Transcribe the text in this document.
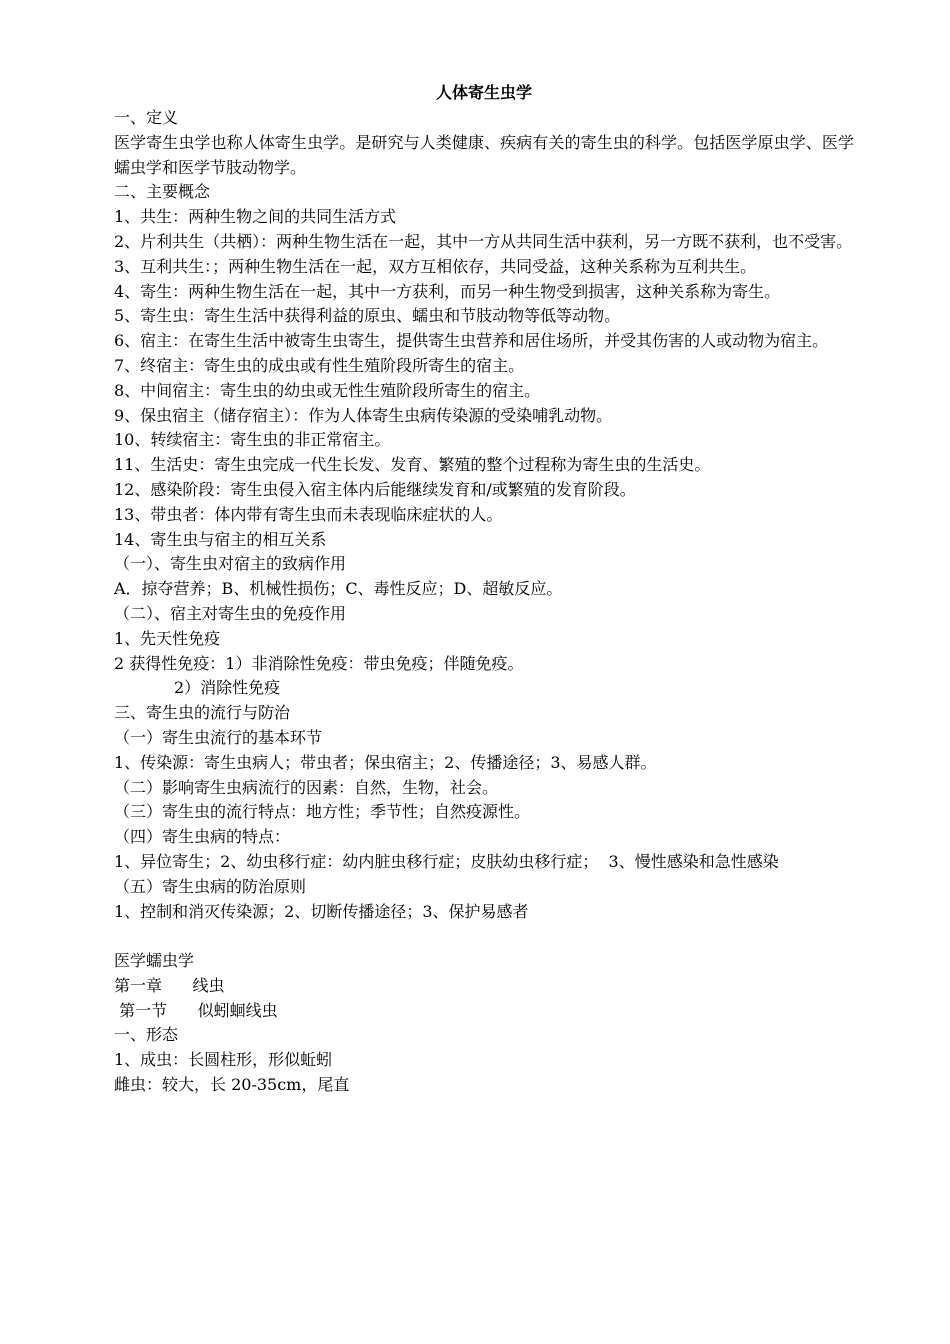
人体寄生虫学

一、定义

医学寄生虫学也称人体寄生虫学。是研究与人类健康、疾病有关的寄生虫的科学。包括医学原虫学、医学蠕虫学和医学节肢动物学。

二、主要概念

1、共生：两种生物之间的共同生活方式

2、片利共生（共栖）：两种生物生活在一起，其中一方从共同生活中获利，另一方既不获利，也不受害。

3、互利共生：；两种生物生活在一起，双方互相依存，共同受益，这种关系称为互利共生。

4、寄生：两种生物生活在一起，其中一方获利，而另一种生物受到损害，这种关系称为寄生。

5、寄生虫：寄生生活中获得利益的原虫、蠕虫和节肢动物等低等动物。

6、宿主：在寄生生活中被寄生虫寄生，提供寄生虫营养和居住场所，并受其伤害的人或动物为宿主。

7、终宿主：寄生虫的成虫或有性生殖阶段所寄生的宿主。

8、中间宿主：寄生虫的幼虫或无性生殖阶段所寄生的宿主。

9、保虫宿主（储存宿主）：作为人体寄生虫病传染源的受染哺乳动物。

10、转续宿主：寄生虫的非正常宿主。

11、生活史：寄生虫完成一代生长发、发育、繁殖的整个过程称为寄生虫的生活史。

12、感染阶段：寄生虫侵入宿主体内后能继续发育和/或繁殖的发育阶段。

13、带虫者：体内带有寄生虫而未表现临床症状的人。

14、寄生虫与宿主的相互关系

（一）、寄生虫对宿主的致病作用

A．掠夺营养；B、机械性损伤；C、毒性反应；D、超敏反应。

（二）、宿主对寄生虫的免疫作用

1、先天性免疫

2 获得性免疫：1）非消除性免疫：带虫免疫；伴随免疫。

2）消除性免疫

三、寄生虫的流行与防治

（一）寄生虫流行的基本环节

1、传染源：寄生虫病人；带虫者；保虫宿主；2、传播途径；3、易感人群。

（二）影响寄生虫病流行的因素：自然，生物，社会。

（三）寄生虫的流行特点：地方性；季节性；自然疫源性。

（四）寄生虫病的特点：

1、异位寄生；2、幼虫移行症：幼内脏虫移行症；皮肤幼虫移行症；  3、慢性感染和急性感染

（五）寄生虫病的防治原则

1、控制和消灭传染源；2、切断传播途径；3、保护易感者

医学蠕虫学

第一章      线虫

第一节      似蚓蛔线虫

一、形态

1、成虫：长圆柱形，形似蚯蚓

雌虫：较大，长 20-35cm，尾直
